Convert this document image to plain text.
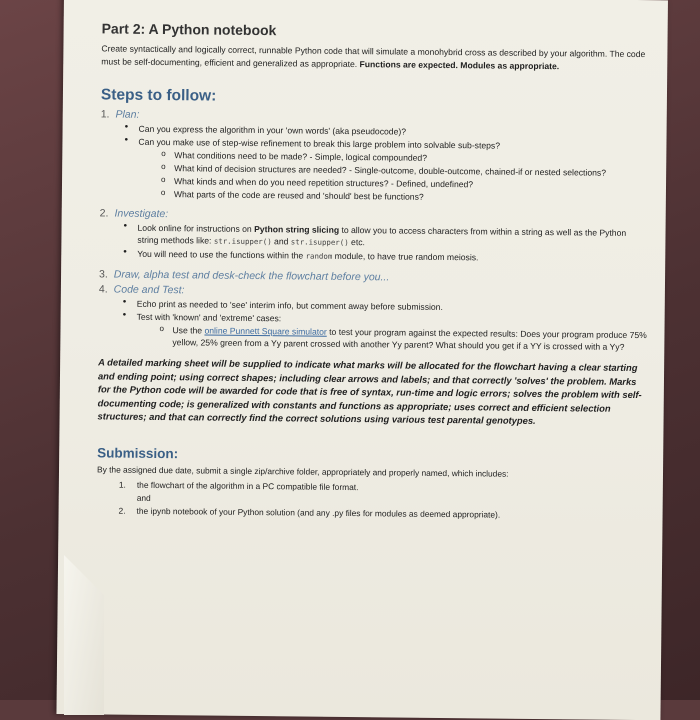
Part 2: A Python notebook

Create syntactically and logically correct, runnable Python code that will simulate a monohybrid cross as described by your algorithm. The code must be self-documenting, efficient and generalized as appropriate. Functions are expected. Modules as appropriate.

Steps to follow:
1. Plan:
• Can you express the algorithm in your 'own words' (aka pseudocode)?
• Can you make use of step-wise refinement to break this large problem into solvable sub-steps?
o What conditions need to be made? - Simple, logical compounded?
o What kind of decision structures are needed? - Single-outcome, double-outcome, chained-if or nested selections?
o What kinds and when do you need repetition structures? - Defined, undefined?
o What parts of the code are reused and 'should' best be functions?
2. Investigate:
• Look online for instructions on Python string slicing to allow you to access characters from within a string as well as the Python string methods like: str.isupper() and str.isupper() etc.
• You will need to use the functions within the random module, to have true random meiosis.
3. Draw, alpha test and desk-check the flowchart before you...
4. Code and Test:
• Echo print as needed to 'see' interim info, but comment away before submission.
• Test with 'known' and 'extreme' cases:
o Use the online Punnett Square simulator to test your program against the expected results: Does your program produce 75% yellow, 25% green from a Yy parent crossed with another Yy parent? What should you get if a YY is crossed with a Yy?

A detailed marking sheet will be supplied to indicate what marks will be allocated for the flowchart having a clear starting and ending point; using correct shapes; including clear arrows and labels; and that correctly 'solves' the problem. Marks for the Python code will be awarded for code that is free of syntax, run-time and logic errors; solves the problem with self-documenting code; is generalized with constants and functions as appropriate; uses correct and efficient selection structures; and that can correctly find the correct solutions using various test parental genotypes.

Submission:

By the assigned due date, submit a single zip/archive folder, appropriately and properly named, which includes:

1. the flowchart of the algorithm in a PC compatible file format.
and
2. the ipynb notebook of your Python solution (and any .py files for modules as deemed appropriate).
